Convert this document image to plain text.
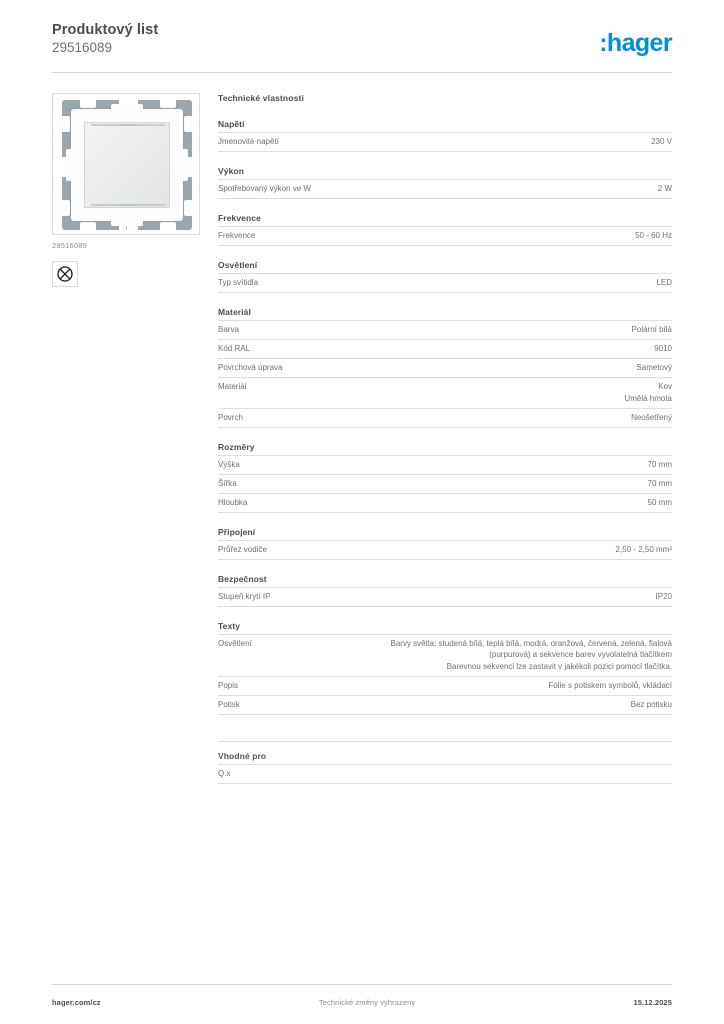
Produktový list
29516089	:hager
29516089
Technické vlastnosti
Napětí
Jmenovité napětí	230 V
Výkon
Spotřebovaný výkon ve W	2 W
Frekvence
Frekvence	50 - 60 Hz
Osvětlení
Typ svítidla	LED
Materiál
Barva	Polární bílá
Kód RAL	9010
Povrchová úprava	Sametový
Materiál	Kov
Umělá hmota
Povrch	Neošetřený
Rozměry
Výška	70 mm
Šířka	70 mm
Hloubka	50 mm
Připojení
Průřez vodiče	2,50 - 2,50 mm²
Bezpečnost
Stupeň krytí IP	IP20
Texty
Osvětlení	Barvy světla: studená bílá, teplá bílá, modrá, oranžová, červená, zelená, fialová
(purpurová) a sekvence barev vyvolatelná tlačítkem
Barevnou sekvenci lze zastavit v jakékoli pozici pomocí tlačítka.
Popis	Fólie s potiskem symbolů, vkládací
Potisk	Bez potisku
Vhodné pro
Q.x
hager.com/cz	Technické změny vyhrazeny	15.12.2025
